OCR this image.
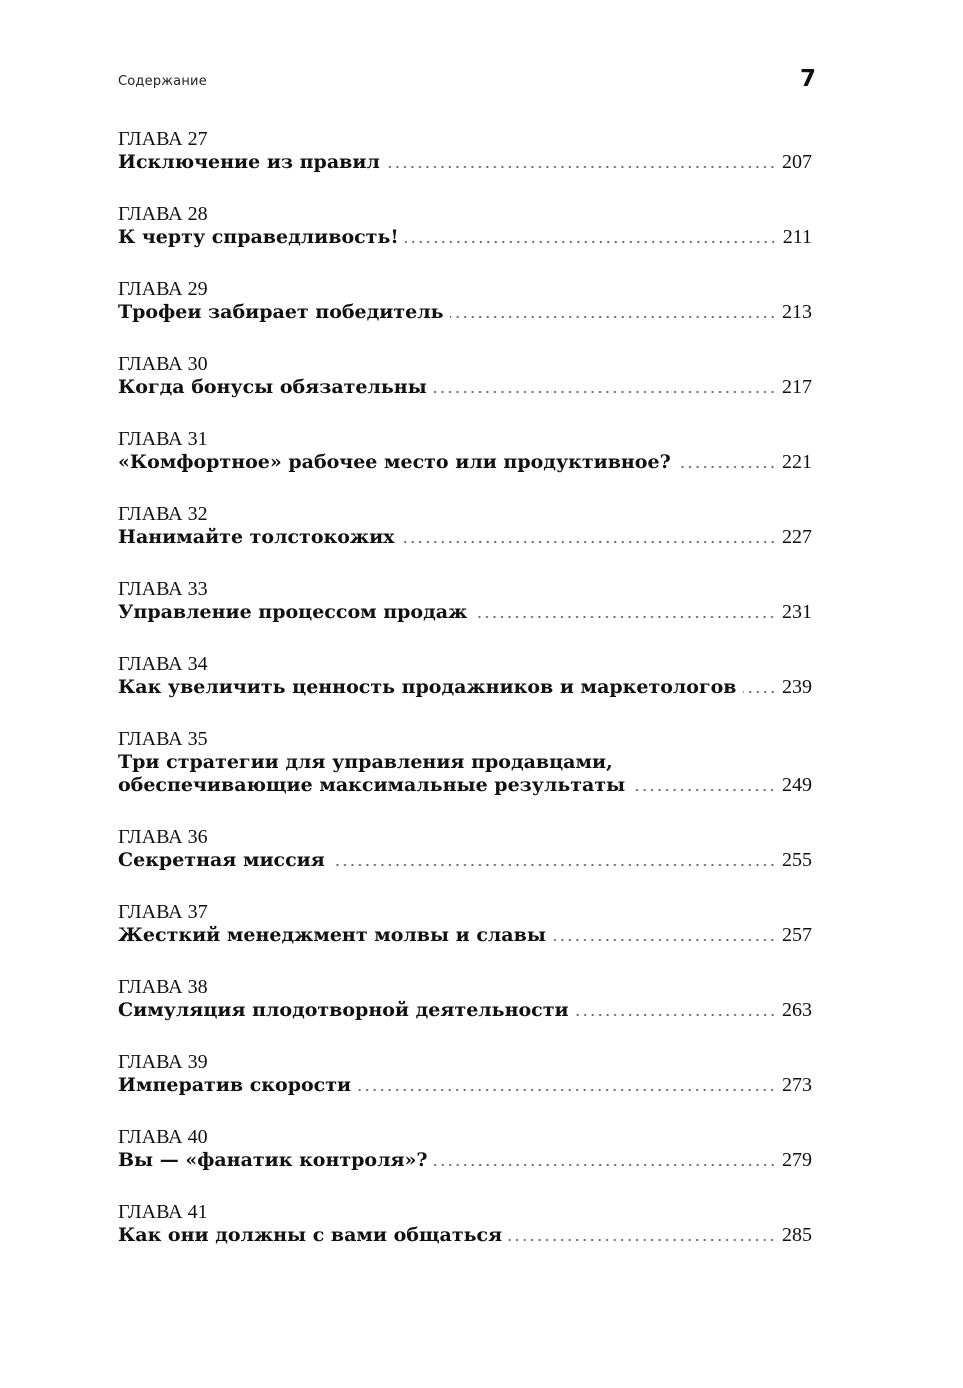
Содержание	7
ГЛАВА 27
Исключение из правил	207
ГЛАВА 28
К черту справедливость!	211
ГЛАВА 29
Трофеи забирает победитель	213
ГЛАВА 30
Когда бонусы обязательны	217
ГЛАВА 31
«Комфортное» рабочее место или продуктивное?	221
ГЛАВА 32
Нанимайте толстокожих	227
ГЛАВА 33
Управление процессом продаж	231
ГЛАВА 34
Как увеличить ценность продажников и маркетологов 239
ГЛАВА 35
Три стратегии для управления продавцами,
обеспечивающие максимальные результаты	249
ГЛАВА 36
Секретная миссия	255
ГЛАВА 37
Жесткий менеджмент молвы и славы	257
ГЛАВА 38
Симуляция плодотворной деятельности	263
ГЛАВА 39
Императив скорости	273
ГЛАВА 40
Вы — «фанатик контроля»?	279
ГЛАВА 41
Как они должны с вами общаться	285
